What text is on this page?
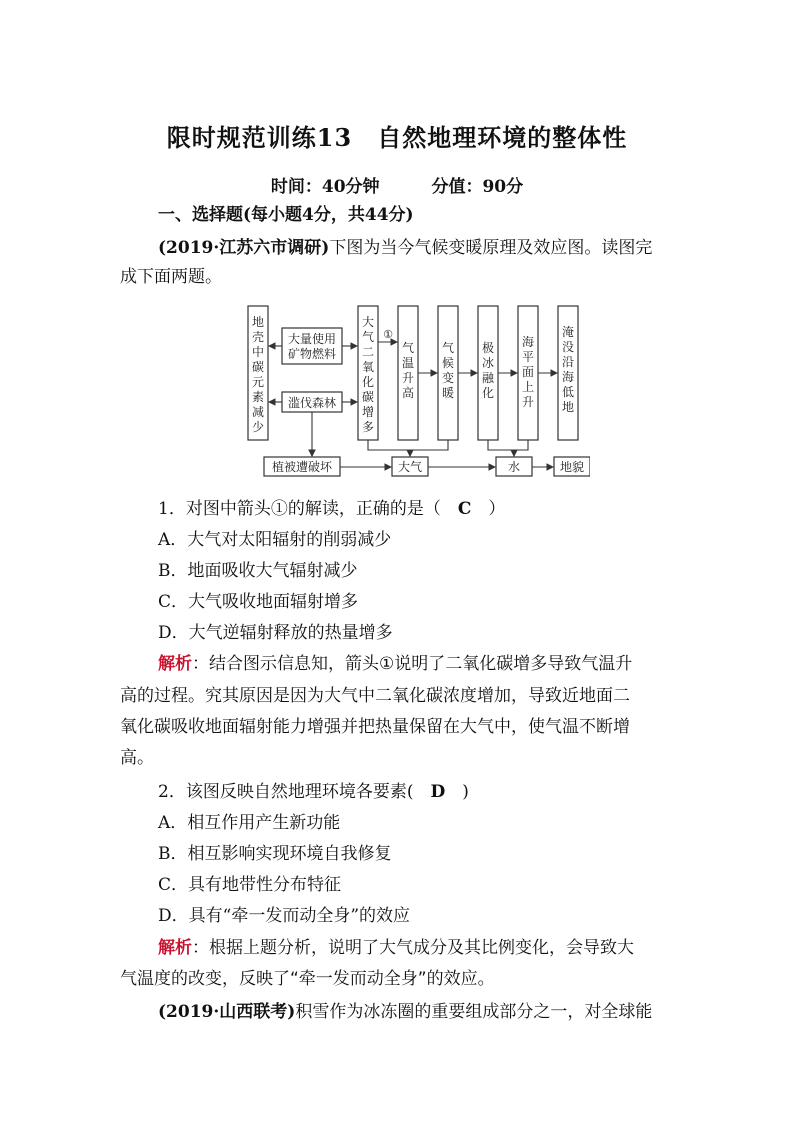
限时规范训练13　自然地理环境的整体性
时间：40分钟	分值：90分
一、选择题(每小题4分，共44分)
(2019·江苏六市调研)下图为当今气候变暖原理及效应图。读图完
成下面两题。
地壳中碳元素减少
大量使用
矿物燃料
滥伐森林
大气二氧化碳增多
①
气温升高
气候变暖
极冰融化
海平面上升
淹没沿海低地
植被遭破坏	大气	水	地貌
1．对图中箭头①的解读，正确的是（　C　）
A．大气对太阳辐射的削弱减少
B．地面吸收大气辐射减少
C．大气吸收地面辐射增多
D．大气逆辐射释放的热量增多
解析：结合图示信息知，箭头①说明了二氧化碳增多导致气温升
高的过程。究其原因是因为大气中二氧化碳浓度增加，导致近地面二
氧化碳吸收地面辐射能力增强并把热量保留在大气中，使气温不断增
高。
2．该图反映自然地理环境各要素(　D　)
A．相互作用产生新功能
B．相互影响实现环境自我修复
C．具有地带性分布特征
D．具有“牵一发而动全身”的效应
解析：根据上题分析，说明了大气成分及其比例变化，会导致大
气温度的改变，反映了“牵一发而动全身”的效应。
(2019·山西联考)积雪作为冰冻圈的重要组成部分之一，对全球能
